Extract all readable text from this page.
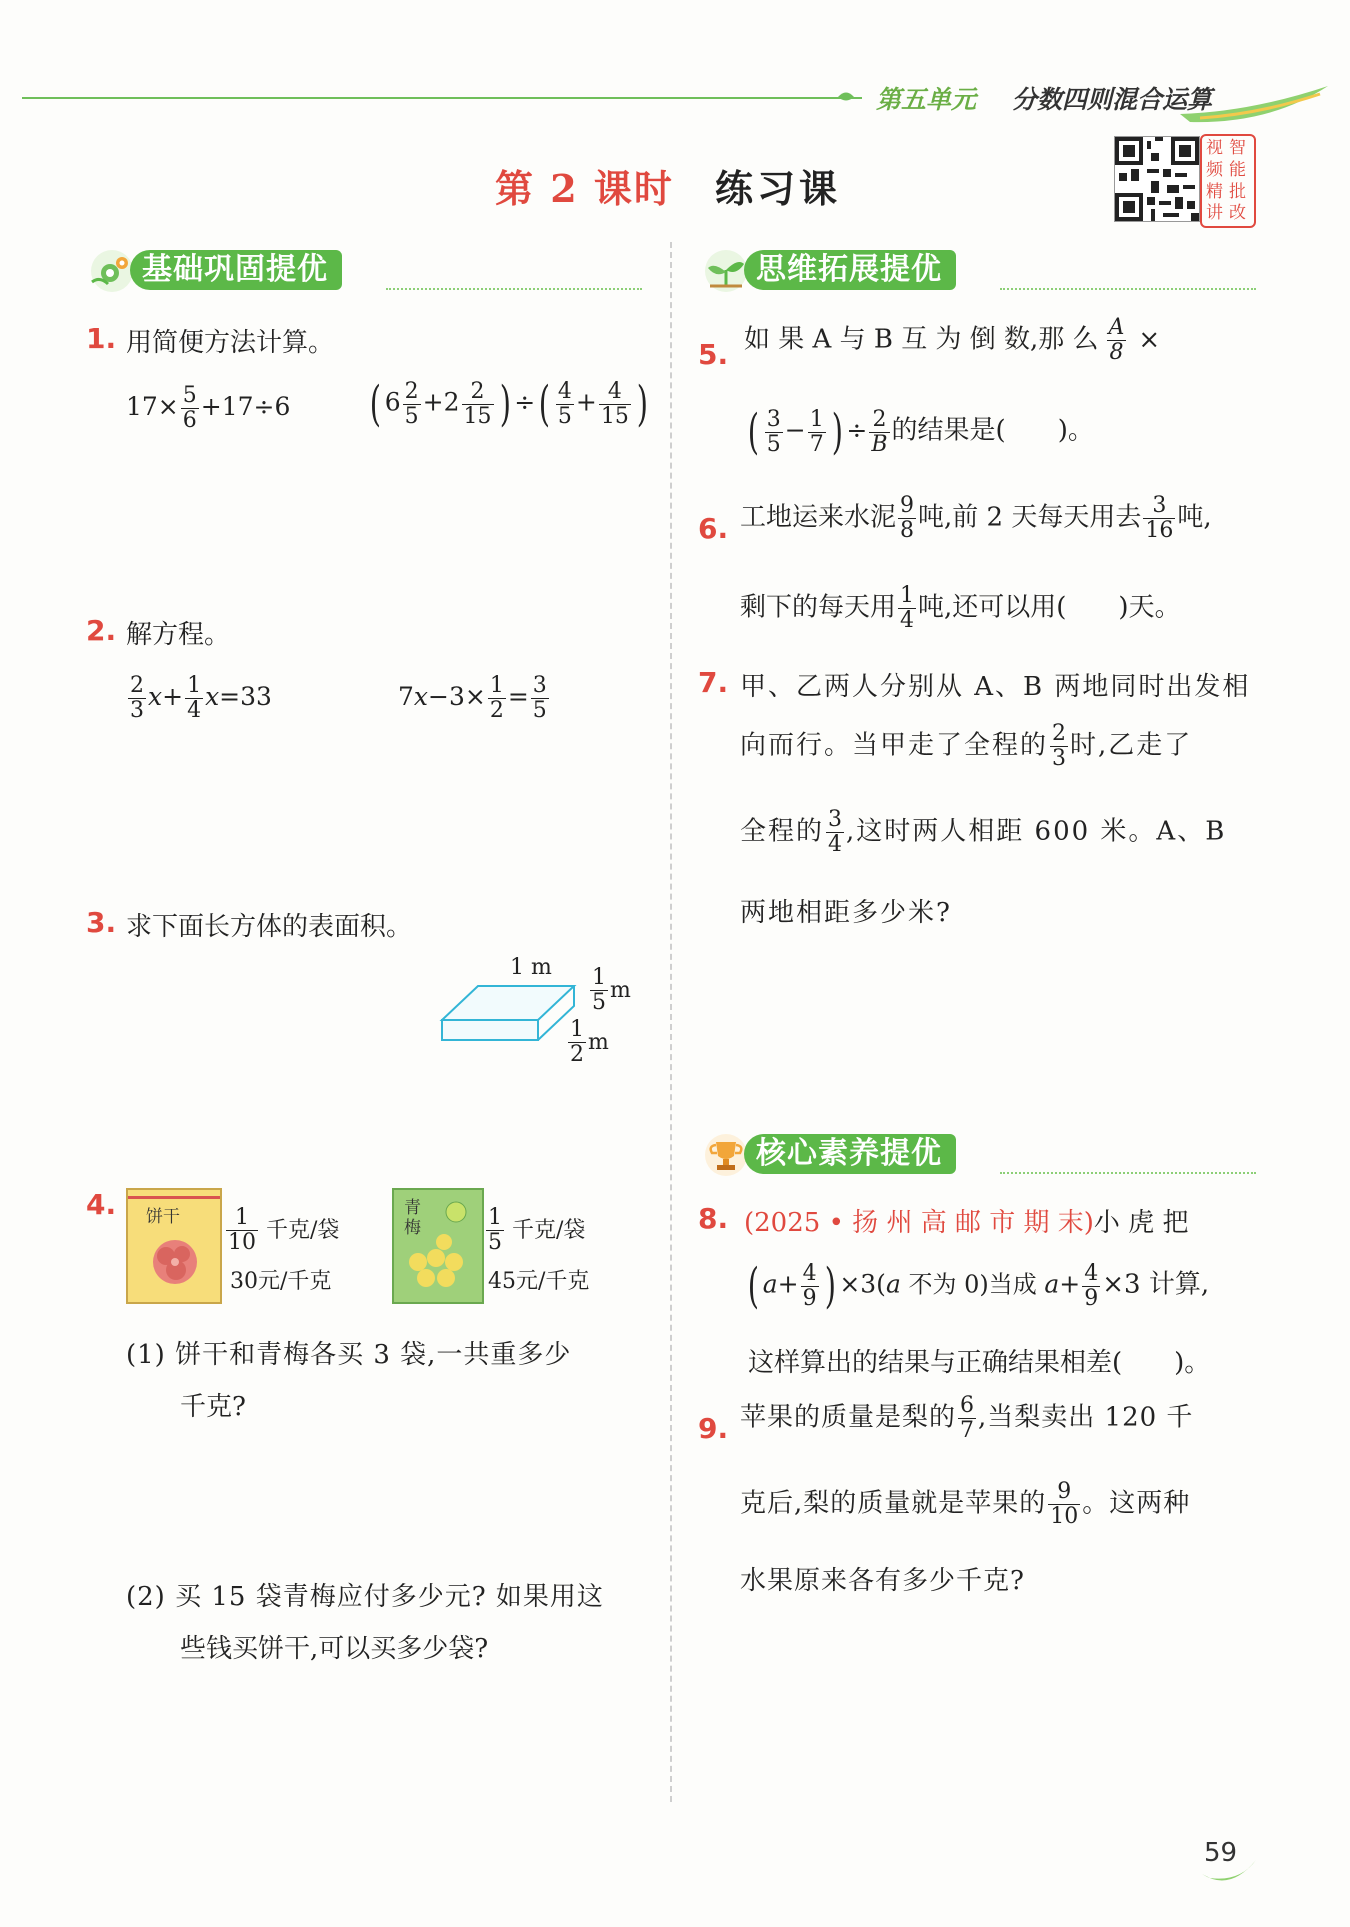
第五单元 分数四则混合运算
第 2 课时 练习课
视 智
频 能
精 批
讲 改
基础巩固提优	思维拓展提优
核心素养提优
1. 用简便方法计算。
$17\times \frac{5}{6} +17\div 6$ ( $6 \frac{2}{5} +2 \frac{2}{15}$ ) ÷( $\frac{4}{5} + \frac{4}{15}$ )
2. 解方程。
$\frac{2}{3} x+ \frac{1}{4} x=33$	$7x-3\times \frac{1}{2} = \frac{3}{5}$
3. 求下面长方体的表面积。
1 m $\frac{1}{5}$ m
$\frac{1}{2}$ m
4. 饼干 $\frac{1}{10}$ 千克/袋
30元/千克
青
梅	$\frac{1}{5}$ 千克/袋
45元/千克
(1) 饼干和青梅各买 3 袋,一共重多少
千克?
(2) 买 15 袋青梅应付多少元? 如果用这
些钱买饼干,可以买多少袋?
5. 如 果 A 与 B 互 为 倒 数,那 么 $\frac{A}{8}$ ×
( $\frac{3}{5} - \frac{1}{7}$ ) ÷ $\frac{2}{B}$ 的结果是(　　)。
6. 工地运来水泥 $\frac{9}{8}$ 吨,前 2 天每天用去 $\frac{3}{16}$ 吨,
剩下的每天用 $\frac{1}{4}$ 吨,还可以用(　　)天。
7. 甲、乙两人分别从 A、B 两地同时出发相
向而行。当甲走了全程的 $\frac{2}{3}$ 时,乙走了
全程的 $\frac{3}{4}$ ,这时两人相距 600 米。A、B
两地相距多少米?
8. (2025 • 扬 州 高 邮 市 期 末)小 虎 把
( $a+ \frac{4}{9}$ ) ×3(a 不为 0)当成 $a+ \frac{4}{9} \times 3$ 计算,
这样算出的结果与正确结果相差(　　)。
9. 苹果的质量是梨的 $\frac{6}{7}$ ,当梨卖出 120 千
克后,梨的质量就是苹果的 $\frac{9}{10}$ 。这两种
水果原来各有多少千克?
59
